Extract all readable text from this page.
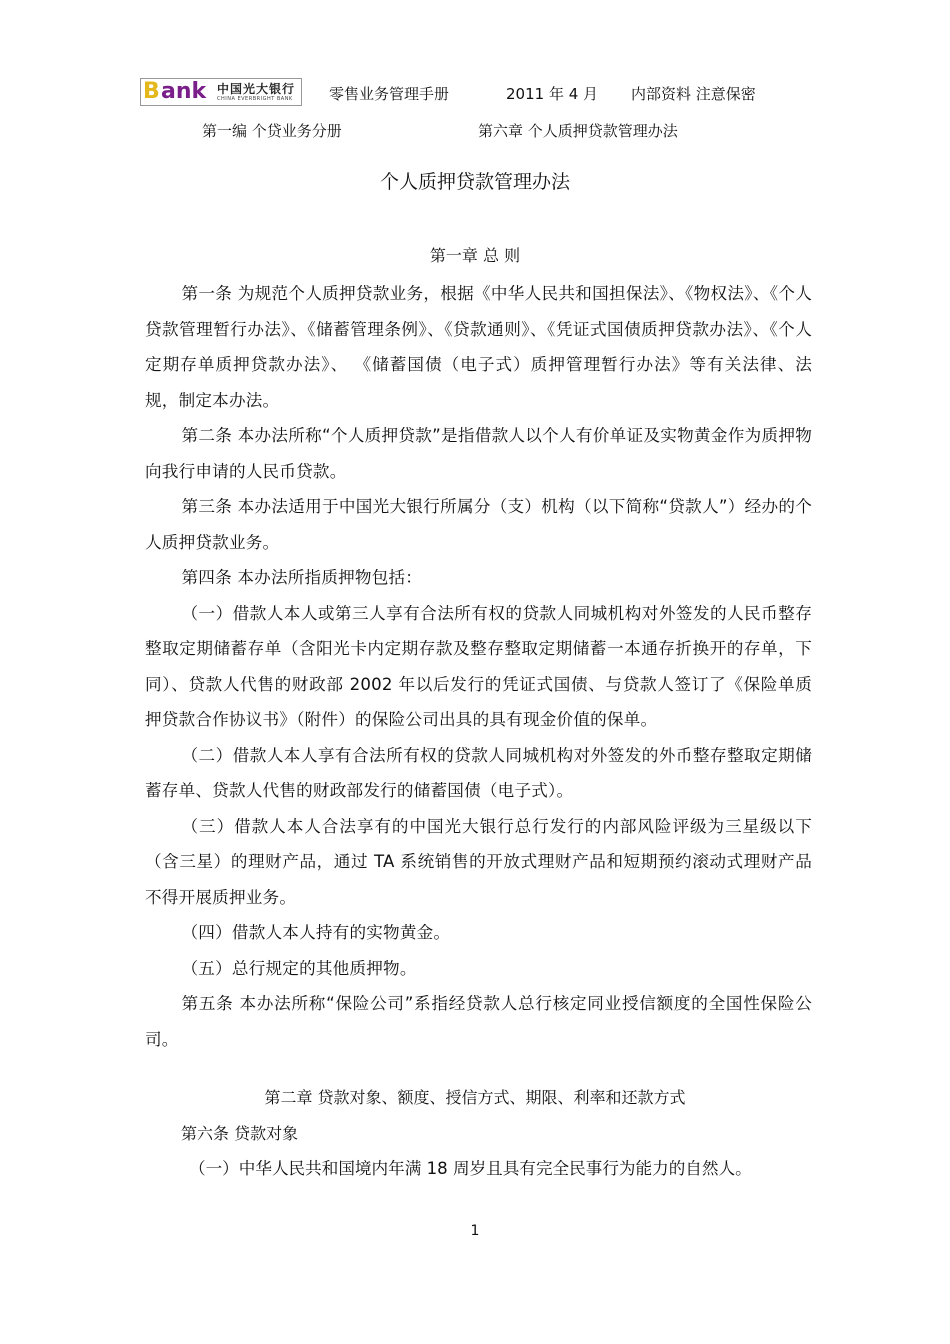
B ank 中国光大银行
CHINA EVERBRIGHT BANK 零售业务管理手册	2011 年 4 月 内部资料 注意保密
第一编 个贷业务分册	第六章 个人质押贷款管理办法
个人质押贷款管理办法
第一章 总 则

第一条 为规范个人质押贷款业务，根据《中华人民共和国担保法》、《物权法》、《个人贷款管理暂行办法》、《储蓄管理条例》、《贷款通则》、《凭证式国债质押贷款办法》、《个人定期存单质押贷款办法》、 《储蓄国债（电子式）质押管理暂行办法》等有关法律、法规，制定本办法。

第二条 本办法所称“个人质押贷款”是指借款人以个人有价单证及实物黄金作为质押物向我行申请的人民币贷款。

第三条 本办法适用于中国光大银行所属分（支）机构（以下简称“贷款人”）经办的个人质押贷款业务。

第四条 本办法所指质押物包括：

（一）借款人本人或第三人享有合法所有权的贷款人同城机构对外签发的人民币整存整取定期储蓄存单（含阳光卡内定期存款及整存整取定期储蓄一本通存折换开的存单，下同）、贷款人代售的财政部 2002 年以后发行的凭证式国债、与贷款人签订了《保险单质押贷款合作协议书》（附件）的保险公司出具的具有现金价值的保单。

（二）借款人本人享有合法所有权的贷款人同城机构对外签发的外币整存整取定期储蓄存单、贷款人代售的财政部发行的储蓄国债（电子式）。

（三）借款人本人合法享有的中国光大银行总行发行的内部风险评级为三星级以下（含三星）的理财产品，通过 TA 系统销售的开放式理财产品和短期预约滚动式理财产品不得开展质押业务。

（四）借款人本人持有的实物黄金。

（五）总行规定的其他质押物。

第五条 本办法所称“保险公司”系指经贷款人总行核定同业授信额度的全国性保险公司。

第二章 贷款对象、额度、授信方式、期限、利率和还款方式
第六条 贷款对象
（一）中华人民共和国境内年满 18 周岁且具有完全民事行为能力的自然人。
1
